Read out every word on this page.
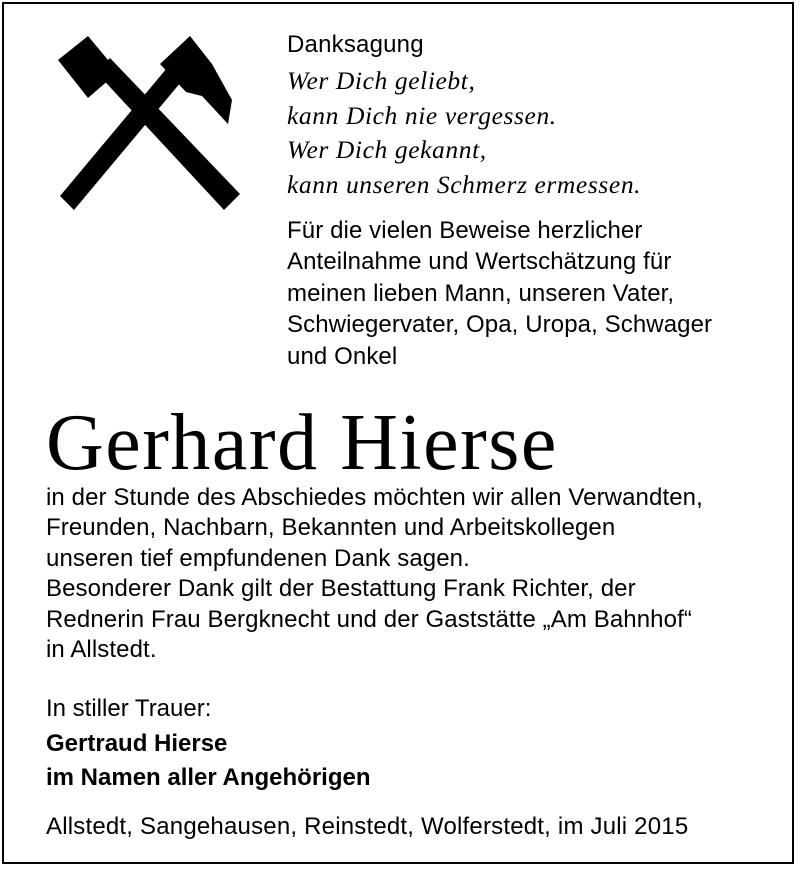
Danksagung
Wer Dich geliebt,
kann Dich nie vergessen.
Wer Dich gekannt,
kann unseren Schmerz ermessen.
Für die vielen Beweise herzlicher
Anteilnahme und Wertschätzung für
meinen lieben Mann, unseren Vater,
Schwiegervater, Opa, Uropa, Schwager
und Onkel
Gerhard Hierse
in der Stunde des Abschiedes möchten wir allen Verwandten,
Freunden, Nachbarn, Bekannten und Arbeitskollegen
unseren tief empfundenen Dank sagen.
Besonderer Dank gilt der Bestattung Frank Richter, der
Rednerin Frau Bergknecht und der Gaststätte „Am Bahnhof“
in Allstedt.
In stiller Trauer:
Gertraud Hierse
im Namen aller Angehörigen
Allstedt, Sangehausen, Reinstedt, Wolferstedt, im Juli 2015
